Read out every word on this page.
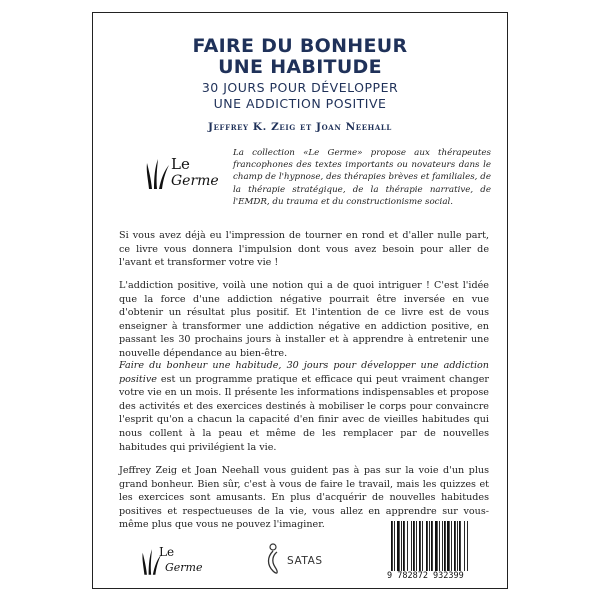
FAIRE DU BONHEUR
UNE HABITUDE
30 JOURS POUR DÉVELOPPER
UNE ADDICTION POSITIVE
Jeffrey K. Zeig et Joan Neehall
Le
Germe
La collection «Le Germe» propose aux thérapeutes francophones des textes importants ou novateurs dans le champ de l'hypnose, des thérapies brèves et familiales, de la thérapie stratégique, de la thérapie narrative, de l'EMDR, du trauma et du constructionisme social.
Si vous avez déjà eu l'impression de tourner en rond et d'aller nulle part, ce livre vous donnera l'impulsion dont vous avez besoin pour aller de l'avant et transformer votre vie !
L'addiction positive, voilà une notion qui a de quoi intriguer ! C'est l'idée que la force d'une addiction négative pourrait être inversée en vue d'obtenir un résultat plus positif. Et l'intention de ce livre est de vous enseigner à transformer une addiction négative en addiction positive, en passant les 30 prochains jours à installer et à apprendre à entretenir une nouvelle dépendance au bien-être.
Faire du bonheur une habitude, 30 jours pour développer une addiction positive est un programme pratique et efficace qui peut vraiment changer votre vie en un mois. Il présente les informations indispensables et propose des activités et des exercices destinés à mobiliser le corps pour convaincre l'esprit qu'on a chacun la capacité d'en finir avec de vieilles habitudes qui nous collent à la peau et même de les remplacer par de nouvelles habitudes qui privilégient la vie.
Jeffrey Zeig et Joan Neehall vous guident pas à pas sur la voie d'un plus grand bonheur. Bien sûr, c'est à vous de faire le travail, mais les quizzes et les exercices sont amusants. En plus d'acquérir de nouvelles habitudes positives et respectueuses de la vie, vous allez en apprendre sur vous-même plus que vous ne pouvez l'imaginer.
Le
Germe	SATAS
9 782872 932399
